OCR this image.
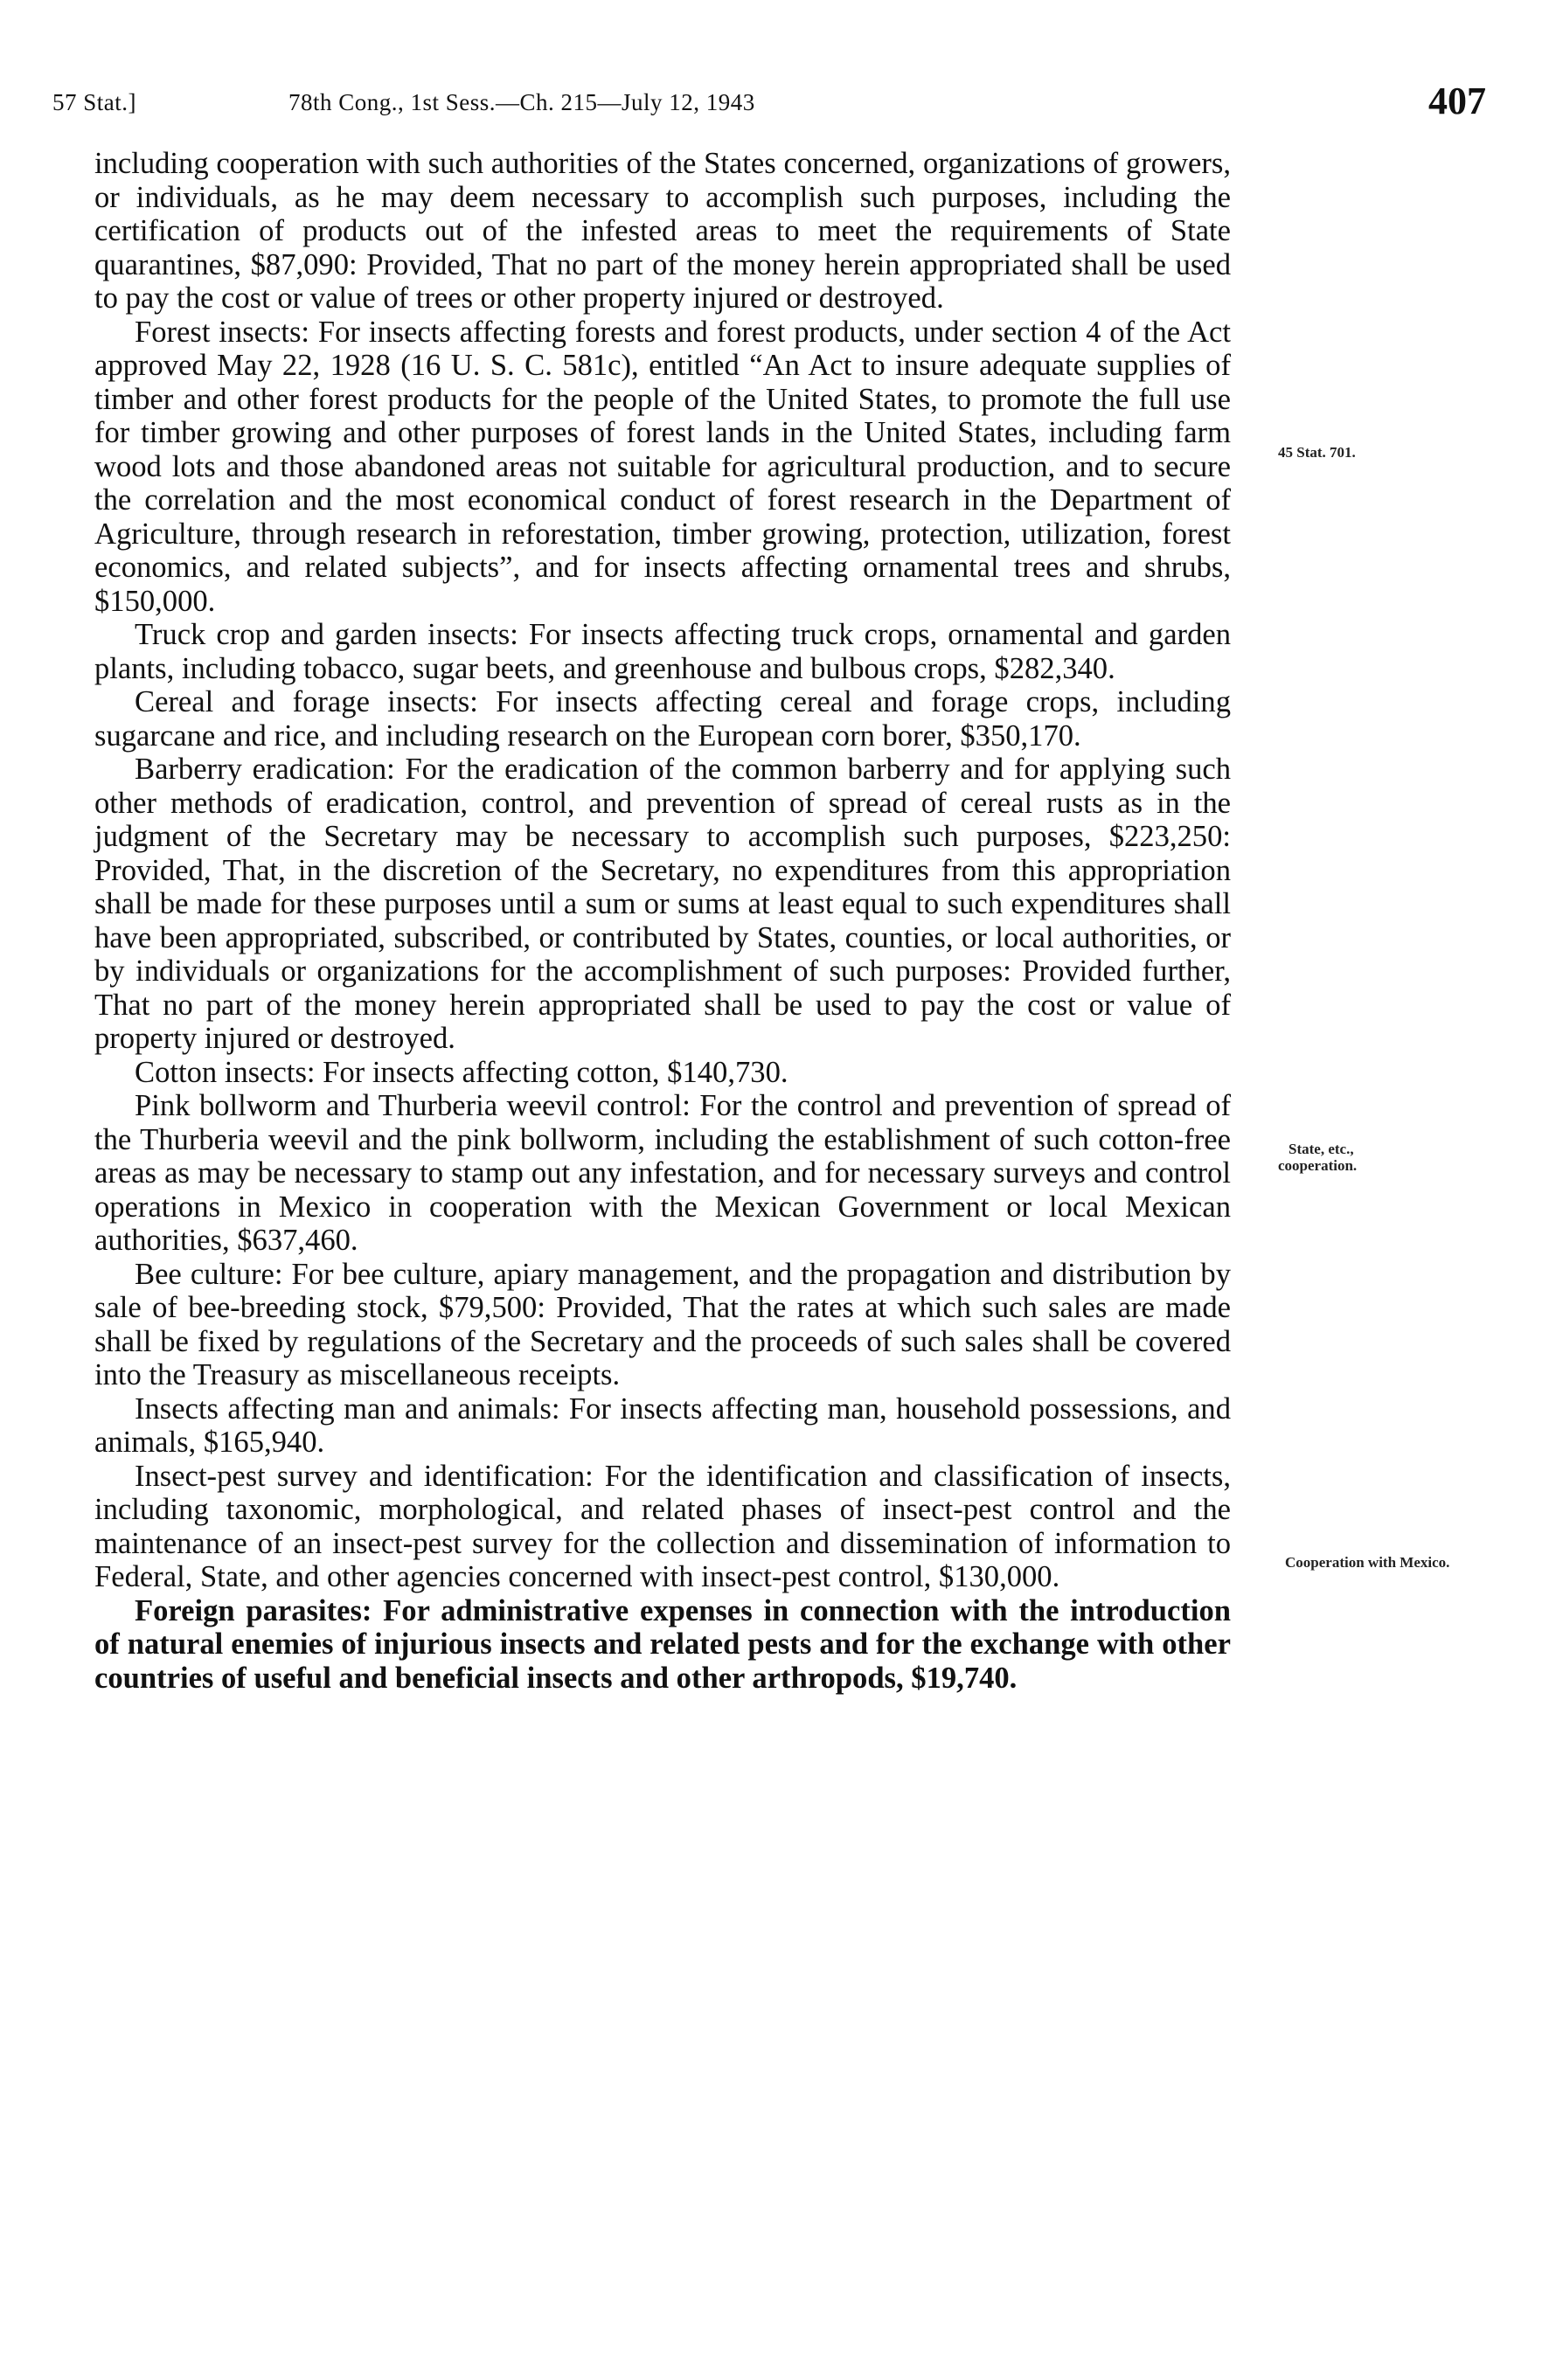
57 Stat.]	78th Cong., 1st Sess.—Ch. 215—July 12, 1943	407

including cooperation with such authorities of the States concerned, organizations of growers, or individuals, as he may deem necessary to accomplish such purposes, including the certification of products out of the infested areas to meet the requirements of State quarantines, $87,090: Provided, That no part of the money herein appropriated shall be used to pay the cost or value of trees or other property injured or destroyed.

Forest insects: For insects affecting forests and forest products, under section 4 of the Act approved May 22, 1928 (16 U. S. C. 581c), entitled “An Act to insure adequate supplies of timber and other forest products for the people of the United States, to promote the full use for timber growing and other purposes of forest lands in the United States, including farm wood lots and those abandoned areas not suitable for agricultural production, and to secure the correlation and the most economical conduct of forest research in the Department of Agriculture, through research in reforestation, timber growing, protection, utilization, forest economics, and related subjects”, and for insects affecting ornamental trees and shrubs, $150,000.

Truck crop and garden insects: For insects affecting truck crops, ornamental and garden plants, including tobacco, sugar beets, and greenhouse and bulbous crops, $282,340.

Cereal and forage insects: For insects affecting cereal and forage crops, including sugarcane and rice, and including research on the European corn borer, $350,170.

Barberry eradication: For the eradication of the common barberry and for applying such other methods of eradication, control, and prevention of spread of cereal rusts as in the judgment of the Secretary may be necessary to accomplish such purposes, $223,250: Provided, That, in the discretion of the Secretary, no expenditures from this appropriation shall be made for these purposes until a sum or sums at least equal to such expenditures shall have been appropriated, subscribed, or contributed by States, counties, or local authorities, or by individuals or organizations for the accomplishment of such purposes: Provided further, That no part of the money herein appropriated shall be used to pay the cost or value of property injured or destroyed.

Cotton insects: For insects affecting cotton, $140,730.

Pink bollworm and Thurberia weevil control: For the control and prevention of spread of the Thurberia weevil and the pink bollworm, including the establishment of such cotton-free areas as may be necessary to stamp out any infestation, and for necessary surveys and control operations in Mexico in cooperation with the Mexican Government or local Mexican authorities, $637,460.

Bee culture: For bee culture, apiary management, and the propagation and distribution by sale of bee-breeding stock, $79,500: Provided, That the rates at which such sales are made shall be fixed by regulations of the Secretary and the proceeds of such sales shall be covered into the Treasury as miscellaneous receipts.

Insects affecting man and animals: For insects affecting man, household possessions, and animals, $165,940.

Insect-pest survey and identification: For the identification and classification of insects, including taxonomic, morphological, and related phases of insect-pest control and the maintenance of an insect-pest survey for the collection and dissemination of information to Federal, State, and other agencies concerned with insect-pest control, $130,000.

Foreign parasites: For administrative expenses in connection with the introduction of natural enemies of injurious insects and related pests and for the exchange with other countries of useful and beneficial insects and other arthropods, $19,740.

45 Stat. 701.
State, etc., cooperation.
Cooperation with Mexico.
